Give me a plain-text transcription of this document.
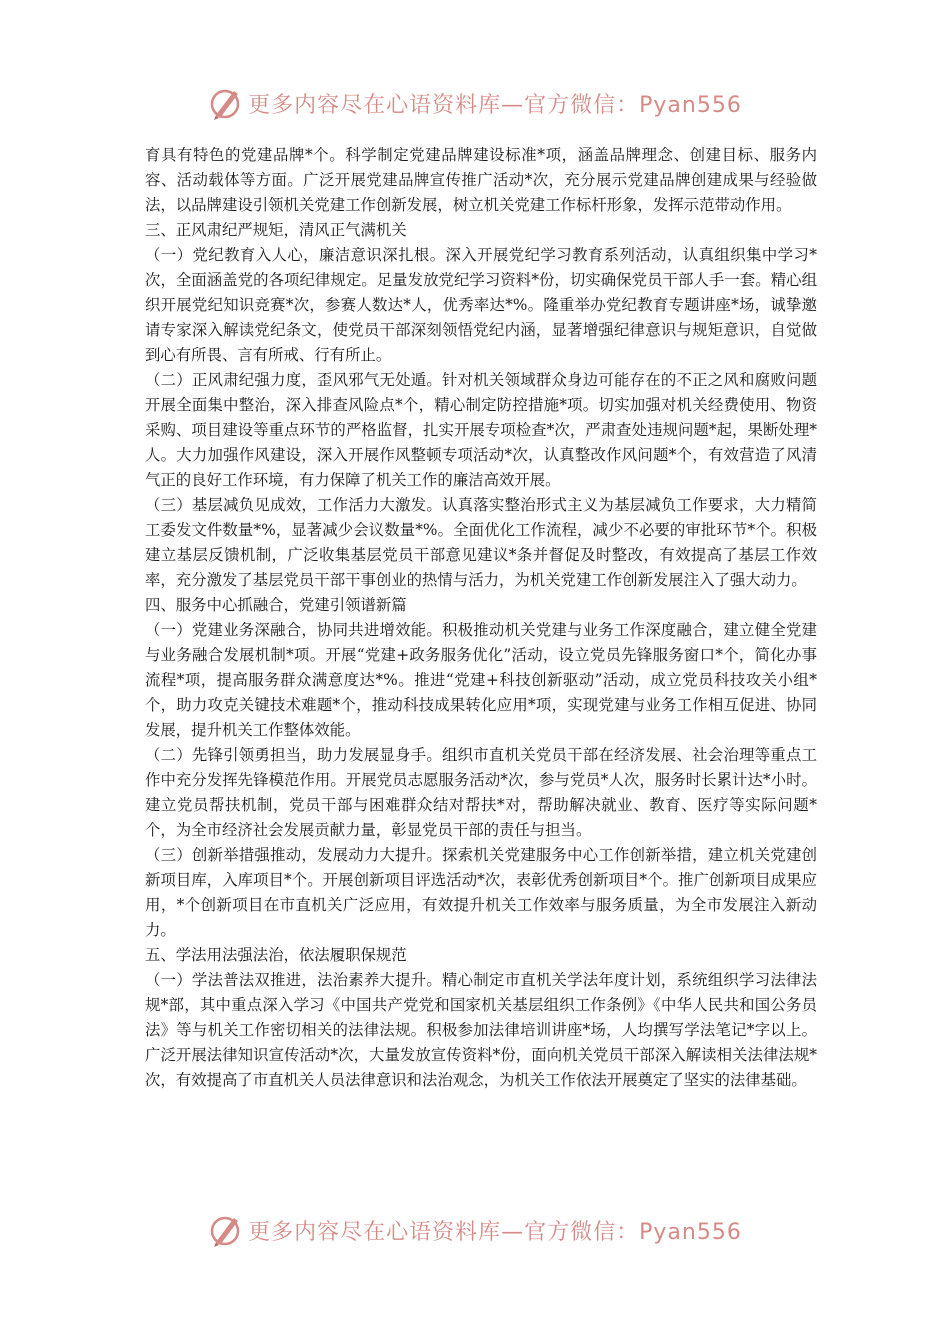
更多内容尽在心语资料库—官方微信：Pyan556

育具有特色的党建品牌*个。科学制定党建品牌建设标准*项，涵盖品牌理念、创建目标、服务内容、活动载体等方面。广泛开展党建品牌宣传推广活动*次，充分展示党建品牌创建成果与经验做法，以品牌建设引领机关党建工作创新发展，树立机关党建工作标杆形象，发挥示范带动作用。

三、正风肃纪严规矩，清风正气满机关

（一）党纪教育入人心，廉洁意识深扎根。深入开展党纪学习教育系列活动，认真组织集中学习*次，全面涵盖党的各项纪律规定。足量发放党纪学习资料*份，切实确保党员干部人手一套。精心组织开展党纪知识竞赛*次，参赛人数达*人，优秀率达*%。隆重举办党纪教育专题讲座*场，诚挚邀请专家深入解读党纪条文，使党员干部深刻领悟党纪内涵，显著增强纪律意识与规矩意识，自觉做到心有所畏、言有所戒、行有所止。

（二）正风肃纪强力度，歪风邪气无处遁。针对机关领域群众身边可能存在的不正之风和腐败问题开展全面集中整治，深入排查风险点*个，精心制定防控措施*项。切实加强对机关经费使用、物资采购、项目建设等重点环节的严格监督，扎实开展专项检查*次，严肃查处违规问题*起，果断处理*人。大力加强作风建设，深入开展作风整顿专项活动*次，认真整改作风问题*个，有效营造了风清气正的良好工作环境，有力保障了机关工作的廉洁高效开展。

（三）基层减负见成效，工作活力大激发。认真落实整治形式主义为基层减负工作要求，大力精简工委发文件数量*%，显著减少会议数量*%。全面优化工作流程，减少不必要的审批环节*个。积极建立基层反馈机制，广泛收集基层党员干部意见建议*条并督促及时整改，有效提高了基层工作效率，充分激发了基层党员干部干事创业的热情与活力，为机关党建工作创新发展注入了强大动力。

四、服务中心抓融合，党建引领谱新篇

（一）党建业务深融合，协同共进增效能。积极推动机关党建与业务工作深度融合，建立健全党建与业务融合发展机制*项。开展“党建+政务服务优化”活动，设立党员先锋服务窗口*个，简化办事流程*项，提高服务群众满意度达*%。推进“党建+科技创新驱动”活动，成立党员科技攻关小组*个，助力攻克关键技术难题*个，推动科技成果转化应用*项，实现党建与业务工作相互促进、协同发展，提升机关工作整体效能。

（二）先锋引领勇担当，助力发展显身手。组织市直机关党员干部在经济发展、社会治理等重点工作中充分发挥先锋模范作用。开展党员志愿服务活动*次，参与党员*人次，服务时长累计达*小时。建立党员帮扶机制，党员干部与困难群众结对帮扶*对，帮助解决就业、教育、医疗等实际问题*个，为全市经济社会发展贡献力量，彰显党员干部的责任与担当。

（三）创新举措强推动，发展动力大提升。探索机关党建服务中心工作创新举措，建立机关党建创新项目库，入库项目*个。开展创新项目评选活动*次，表彰优秀创新项目*个。推广创新项目成果应用，*个创新项目在市直机关广泛应用，有效提升机关工作效率与服务质量，为全市发展注入新动力。

五、学法用法强法治，依法履职保规范

（一）学法普法双推进，法治素养大提升。精心制定市直机关学法年度计划，系统组织学习法律法规*部，其中重点深入学习《中国共产党党和国家机关基层组织工作条例》《中华人民共和国公务员法》等与机关工作密切相关的法律法规。积极参加法律培训讲座*场，人均撰写学法笔记*字以上。广泛开展法律知识宣传活动*次，大量发放宣传资料*份，面向机关党员干部深入解读相关法律法规*次，有效提高了市直机关人员法律意识和法治观念，为机关工作依法开展奠定了坚实的法律基础。

更多内容尽在心语资料库—官方微信：Pyan556
